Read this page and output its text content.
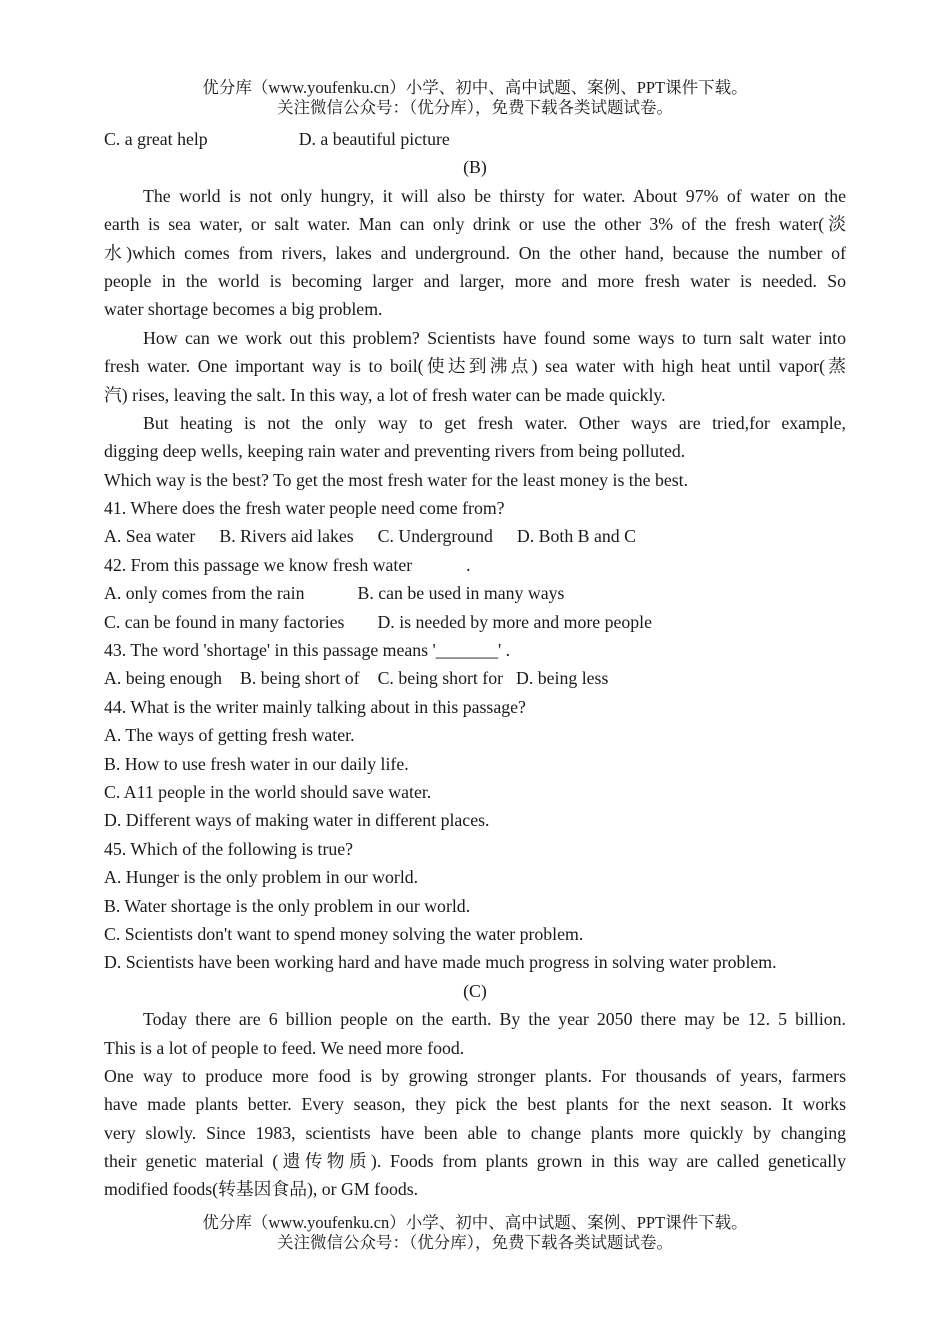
优分库（www.youfenku.cn）小学、初中、高中试题、案例、PPT课件下载。
关注微信公众号：（优分库），免费下载各类试题试卷。
C. a great help	D. a beautiful picture
(B)
The world is not only hungry, it will also be thirsty for water. About 97% of water on the
earth is sea water, or salt water. Man can only drink or use the other 3% of the fresh water(淡
水)which comes from rivers, lakes and underground. On the other hand, because the number of
people in the world is becoming larger and larger, more and more fresh water is needed. So
water shortage becomes a big problem.
How can we work out this problem? Scientists have found some ways to turn salt water into
fresh water. One important way is to boil(使达到沸点) sea water with high heat until vapor(蒸
汽) rises, leaving the salt. In this way, a lot of fresh water can be made quickly.
But heating is not the only way to get fresh water. Other ways are tried,for example,
digging deep wells, keeping rain water and preventing rivers from being polluted.
Which way is the best? To get the most fresh water for the least money is the best.
41. Where does the fresh water people need come from?
A. Sea water B. Rivers aid lakes C. Underground D. Both B and C
42. From this passage we know fresh water	.
A. only comes from the rain	B. can be used in many ways
C. can be found in many factories D. is needed by more and more people
43. The word 'shortage' in this passage means '_______' .
A. being enough B. being short of C. being short for D. being less
44. What is the writer mainly talking about in this passage?
A. The ways of getting fresh water.
B. How to use fresh water in our daily life.
C. A11 people in the world should save water.
D. Different ways of making water in different places.
45. Which of the following is true?
A. Hunger is the only problem in our world.
B. Water shortage is the only problem in our world.
C. Scientists don't want to spend money solving the water problem.
D. Scientists have been working hard and have made much progress in solving water problem.
(C)
Today there are 6 billion people on the earth. By the year 2050 there may be 12. 5 billion.
This is a lot of people to feed. We need more food.
One way to produce more food is by growing stronger plants. For thousands of years, farmers
have made plants better. Every season, they pick the best plants for the next season. It works
very slowly. Since 1983, scientists have been able to change plants more quickly by changing
their genetic material (遗传物质). Foods from plants grown in this way are called genetically
modified foods(转基因食品), or GM foods.
优分库（www.youfenku.cn）小学、初中、高中试题、案例、PPT课件下载。
关注微信公众号：（优分库），免费下载各类试题试卷。
